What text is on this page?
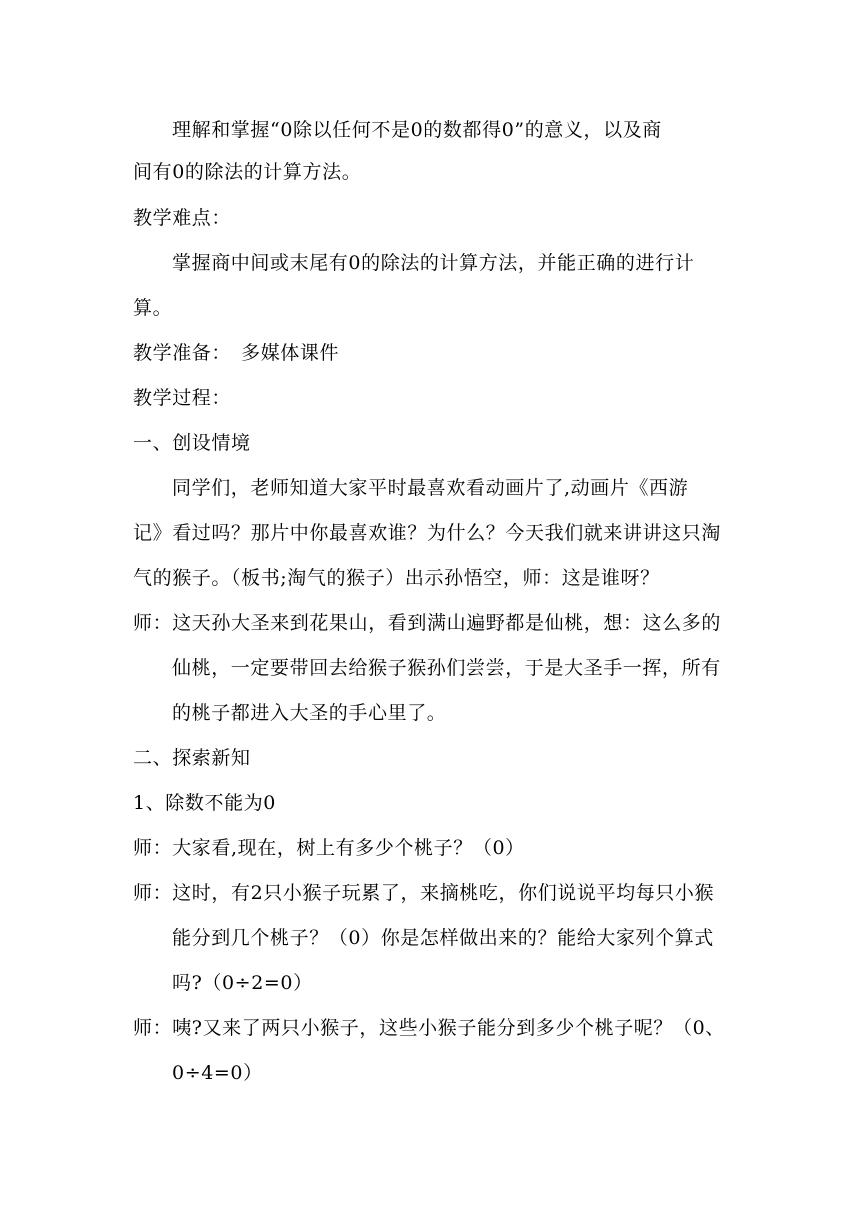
理解和掌握“0除以任何不是0的数都得0”的意义，以及商
间有0的除法的计算方法。
教学难点：
掌握商中间或末尾有0的除法的计算方法，并能正确的进行计
算。
教学准备：　多媒体课件
教学过程：
一、创设情境
同学们，老师知道大家平时最喜欢看动画片了,动画片《西游
记》看过吗？那片中你最喜欢谁？为什么？今天我们就来讲讲这只淘
气的猴子。（板书;淘气的猴子）出示孙悟空，师：这是谁呀？
师：这天孙大圣来到花果山，看到满山遍野都是仙桃，想：这么多的
仙桃，一定要带回去给猴子猴孙们尝尝，于是大圣手一挥，所有
的桃子都进入大圣的手心里了。
二、探索新知
1、除数不能为0
师：大家看,现在，树上有多少个桃子？（0）
师：这时，有2只小猴子玩累了，来摘桃吃，你们说说平均每只小猴
能分到几个桃子？（0）你是怎样做出来的？能给大家列个算式
吗?（0÷2=0）
师：咦?又来了两只小猴子，这些小猴子能分到多少个桃子呢？（0、
0÷4=0）
